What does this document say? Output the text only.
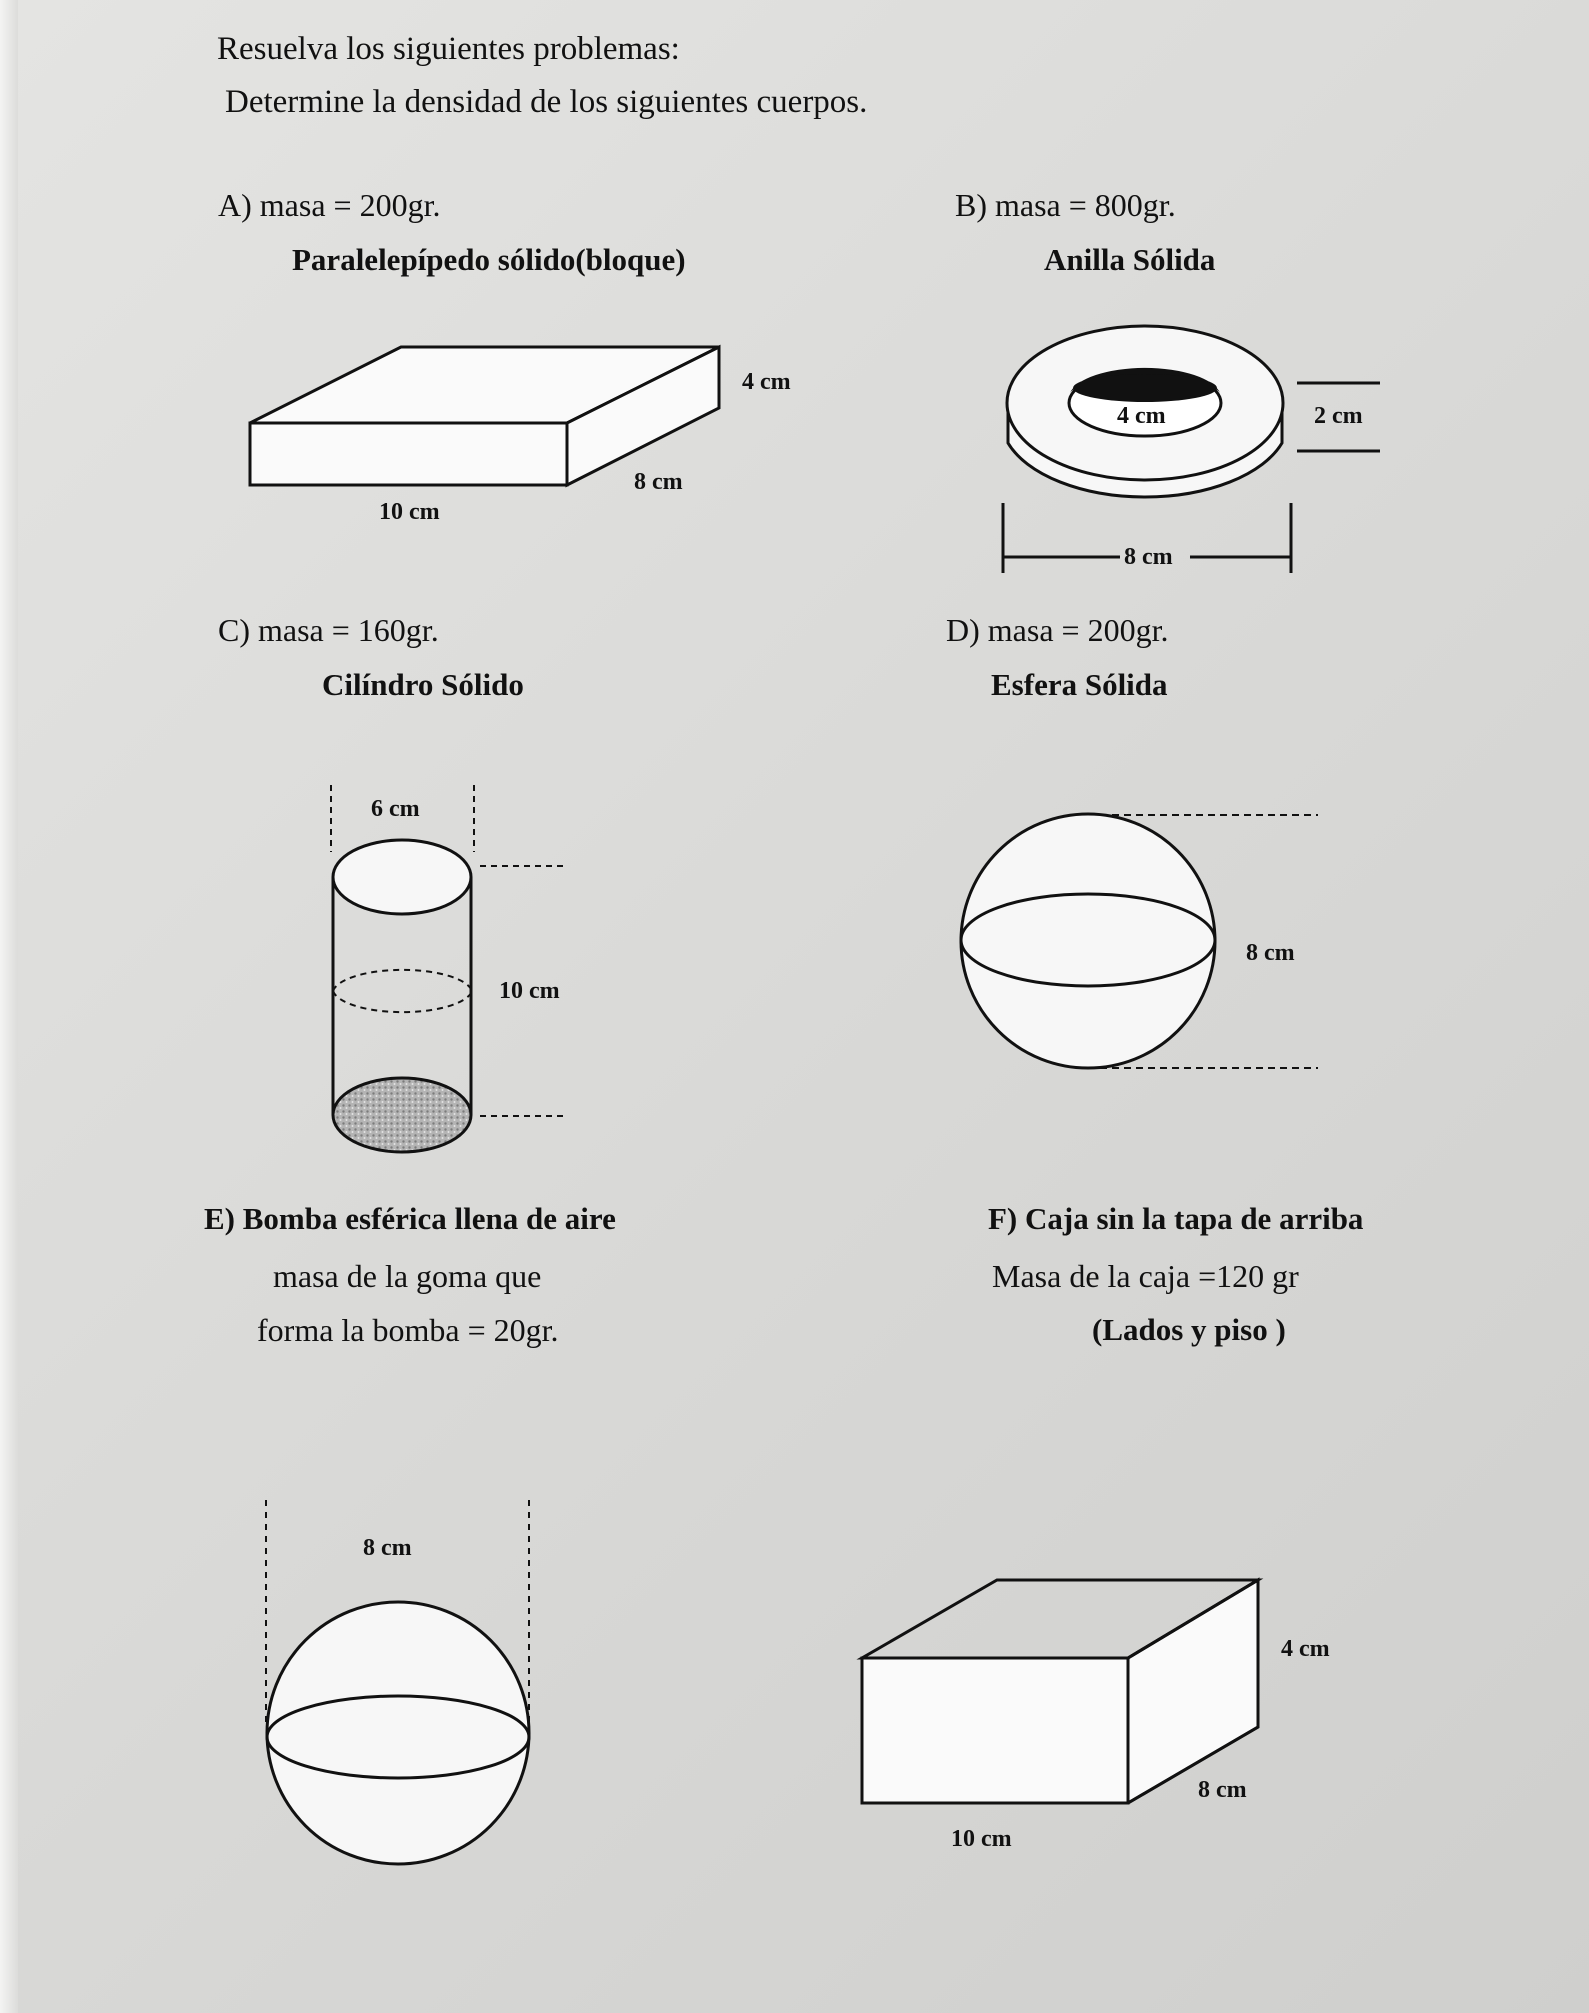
Resuelva los siguientes problemas:
Determine la densidad de los siguientes cuerpos.
A) masa = 200gr.
Paralelepípedo sólido(bloque)
4 cm
8 cm
10 cm
B) masa = 800gr.
Anilla Sólida
4 cm	2 cm
8 cm
C) masa = 160gr.
Cilíndro Sólido
6 cm
10 cm
D) masa = 200gr.
Esfera Sólida
8 cm
E) Bomba esférica llena de aire
masa de la goma que
forma la bomba = 20gr.
8 cm
F) Caja sin la tapa de arriba
Masa de la caja =120 gr
(Lados y piso )
4 cm
8 cm
10 cm
